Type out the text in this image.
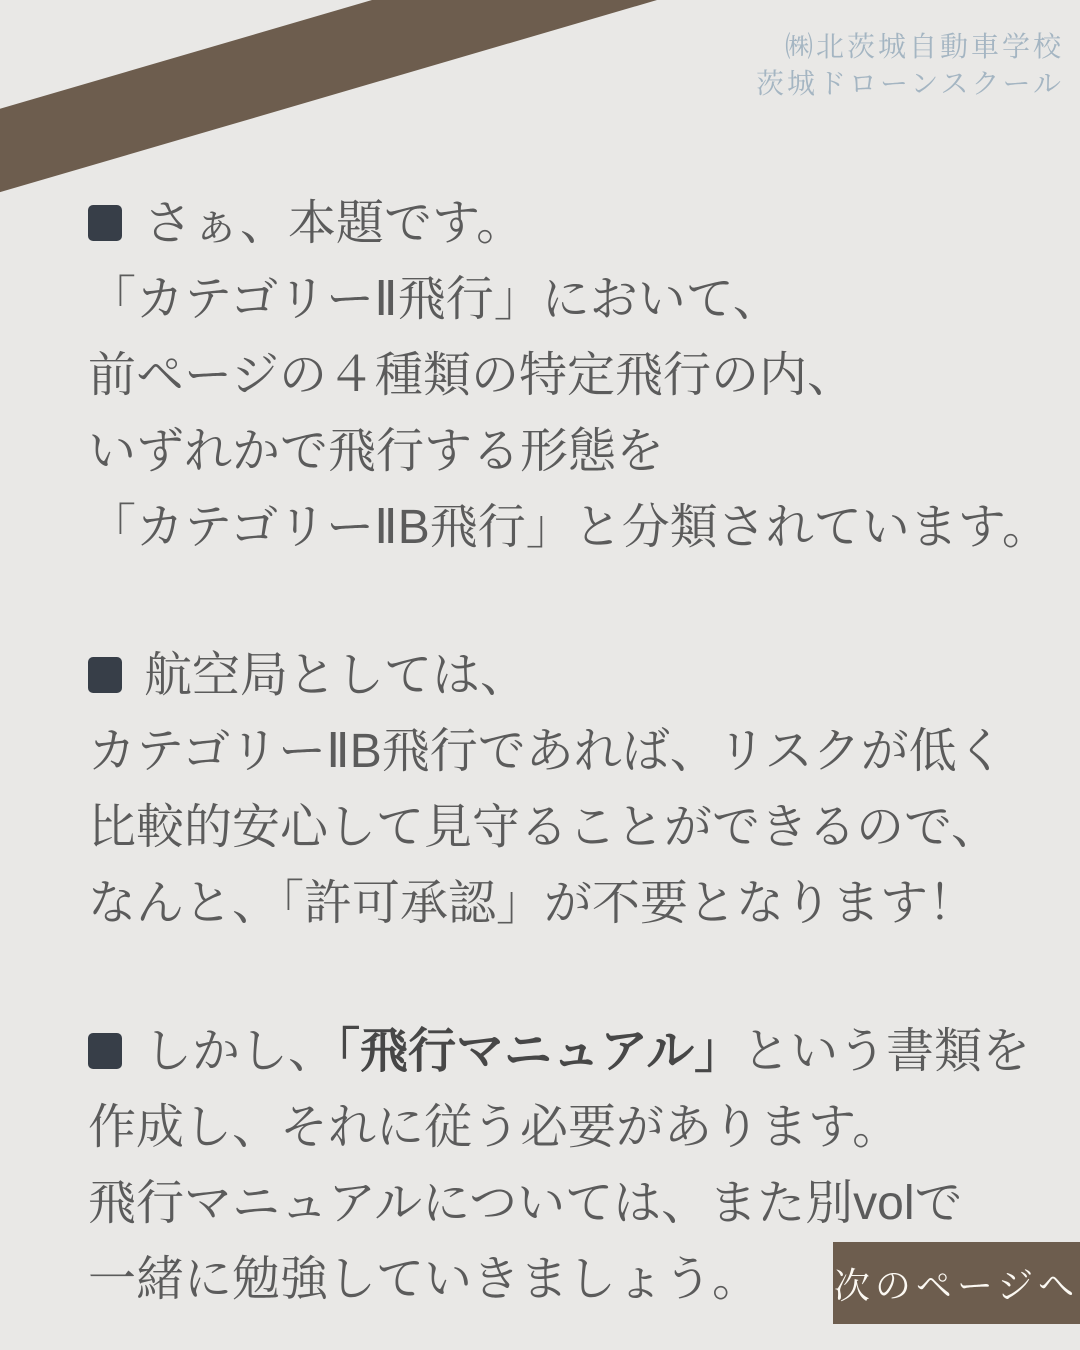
㈱北茨城自動車学校
茨城ドローンスクール
さぁ、本題です。
「カテゴリーⅡ飛行」において、
前ページの４種類の特定飛行の内、
いずれかで飛行する形態を
「カテゴリーⅡB飛行」と分類されています。
航空局としては、
カテゴリーⅡB飛行であれば、リスクが低く
比較的安心して見守ることができるので、
なんと、「許可承認」が不要となります！
しかし、「飛行マニュアル」という書類を
作成し、それに従う必要があります。
飛行マニュアルについては、また別volで
一緒に勉強していきましょう。	次のページへ
